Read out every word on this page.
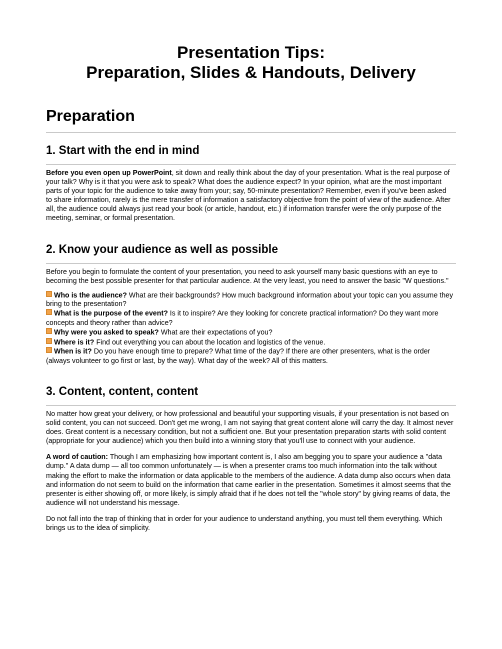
Presentation Tips:
Preparation, Slides & Handouts, Delivery
Preparation
1. Start with the end in mind

Before you even open up PowerPoint, sit down and really think about the day of your presentation. What is the real purpose of your talk? Why is it that you were ask to speak? What does the audience expect? In your opinion, what are the most important parts of your topic for the audience to take away from your; say, 50-minute presentation? Remember, even if you've been asked to share information, rarely is the mere transfer of information a satisfactory objective from the point of view of the audience. After all, the audience could always just read your book (or article, handout, etc.) if information transfer were the only purpose of the meeting, seminar, or formal presentation.

2. Know your audience as well as possible

Before you begin to formulate the content of your presentation, you need to ask yourself many basic questions with an eye to becoming the best possible presenter for that particular audience. At the very least, you need to answer the basic "W questions."

Who is the audience? What are their backgrounds? How much background information about your topic can you assume they bring to the presentation?
What is the purpose of the event? Is it to inspire? Are they looking for concrete practical information? Do they want more concepts and theory rather than advice?
Why were you asked to speak? What are their expectations of you?
Where is it? Find out everything you can about the location and logistics of the venue.
When is it? Do you have enough time to prepare? What time of the day? If there are other presenters, what is the order (always volunteer to go first or last, by the way). What day of the week? All of this matters.
3. Content, content, content

No matter how great your delivery, or how professional and beautiful your supporting visuals, if your presentation is not based on solid content, you can not succeed. Don't get me wrong, I am not saying that great content alone will carry the day. It almost never does. Great content is a necessary condition, but not a sufficient one. But your presentation preparation starts with solid content (appropriate for your audience) which you then build into a winning story that you'll use to connect with your audience.

A word of caution: Though I am emphasizing how important content is, I also am begging you to spare your audience a "data dump." A data dump — all too common unfortunately — is when a presenter crams too much information into the talk without making the effort to make the information or data applicable to the members of the audience. A data dump also occurs when data and information do not seem to build on the information that came earlier in the presentation. Sometimes it almost seems that the presenter is either showing off, or more likely, is simply afraid that if he does not tell the "whole story" by giving reams of data, the audience will not understand his message.

Do not fall into the trap of thinking that in order for your audience to understand anything, you must tell them everything. Which brings us to the idea of simplicity.
